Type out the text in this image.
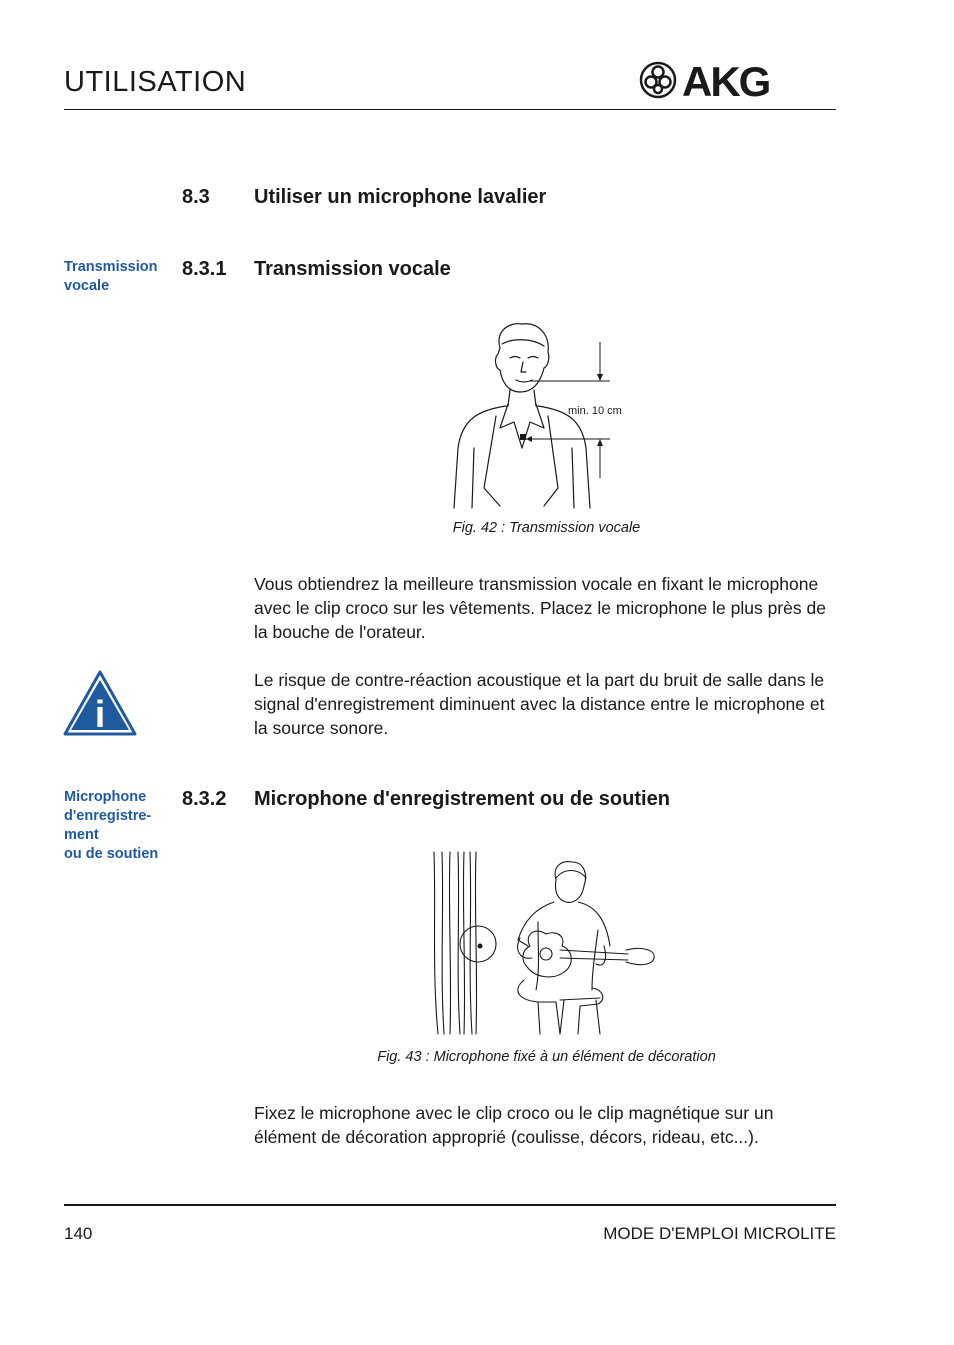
UTILISATION	AKG
8.3 Utiliser un microphone lavalier
Transmission vocale
8.3.1 Transmission vocale
min. 10 cm
Fig. 42 : Transmission vocale
Vous obtiendrez la meilleure transmission vocale en fixant le microphone avec le clip croco sur les vêtements. Placez le microphone le plus près de la bouche de l'orateur.
i
Le risque de contre-réaction acoustique et la part du bruit de salle dans le signal d'enregistrement diminuent avec la distance entre le microphone et la source sonore.
Microphone
d'enregistre-
ment
ou de soutien
8.3.2 Microphone d'enregistrement ou de soutien
Fig. 43 : Microphone fixé à un élément de décoration
Fixez le microphone avec le clip croco ou le clip magnétique sur un élément de décoration approprié (coulisse, décors, rideau, etc...).
140	MODE D'EMPLOI MICROLITE
